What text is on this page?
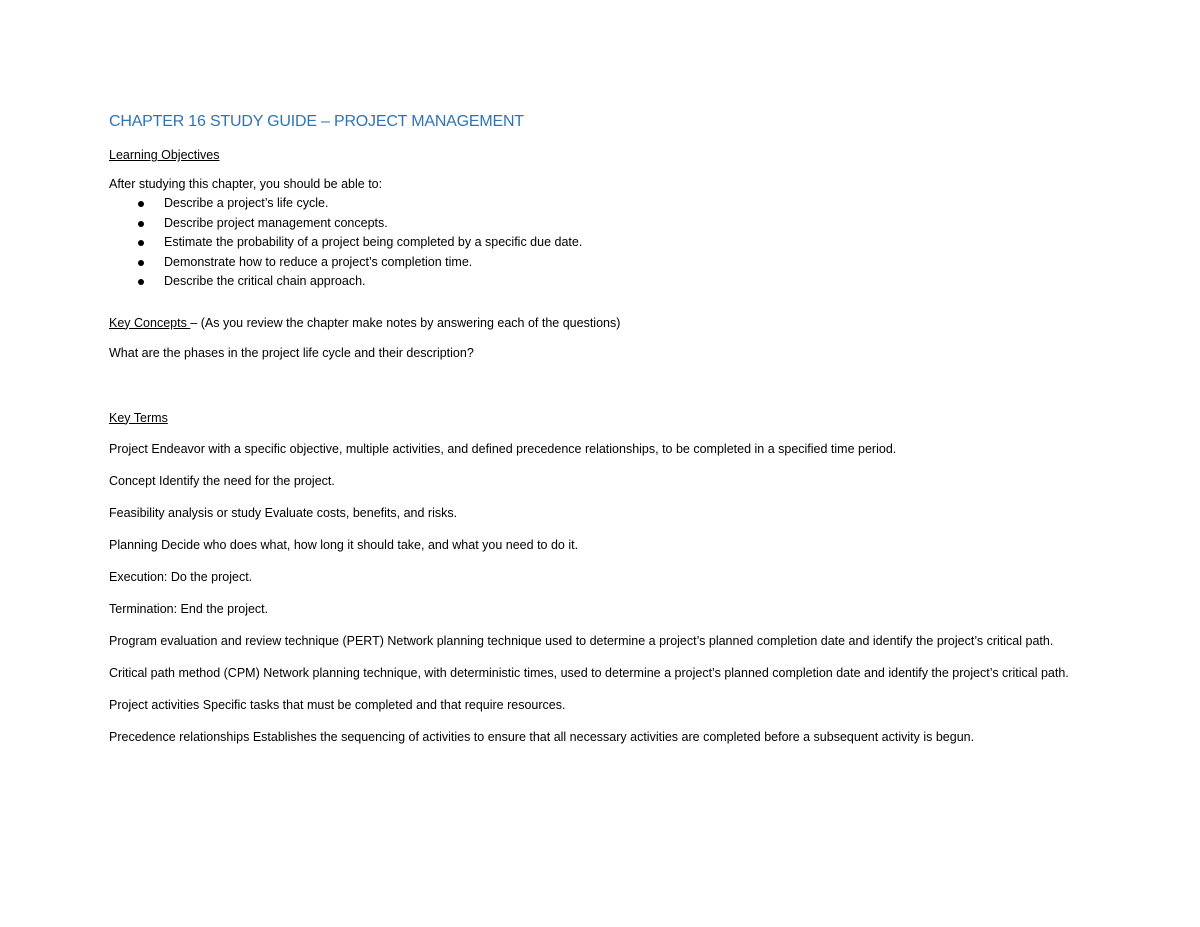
CHAPTER 16 STUDY GUIDE – PROJECT MANAGEMENT

Learning Objectives

After studying this chapter, you should be able to:

Describe a project’s life cycle.
Describe project management concepts.
Estimate the probability of a project being completed by a specific due date.
Demonstrate how to reduce a project’s completion time.
Describe the critical chain approach.

Key Concepts – (As you review the chapter make notes by answering each of the questions)

What are the phases in the project life cycle and their description?

Key Terms

Project Endeavor with a specific objective, multiple activities, and defined precedence relationships, to be completed in a specified time period.

Concept Identify the need for the project.

Feasibility analysis or study Evaluate costs, benefits, and risks.

Planning Decide who does what, how long it should take, and what you need to do it.

Execution: Do the project.

Termination: End the project.

Program evaluation and review technique (PERT) Network planning technique used to determine a project’s planned completion date and identify the project’s critical path.

Critical path method (CPM) Network planning technique, with deterministic times, used to determine a project’s planned completion date and identify the project’s critical path.

Project activities Specific tasks that must be completed and that require resources.

Precedence relationships Establishes the sequencing of activities to ensure that all necessary activities are completed before a subsequent activity is begun.
